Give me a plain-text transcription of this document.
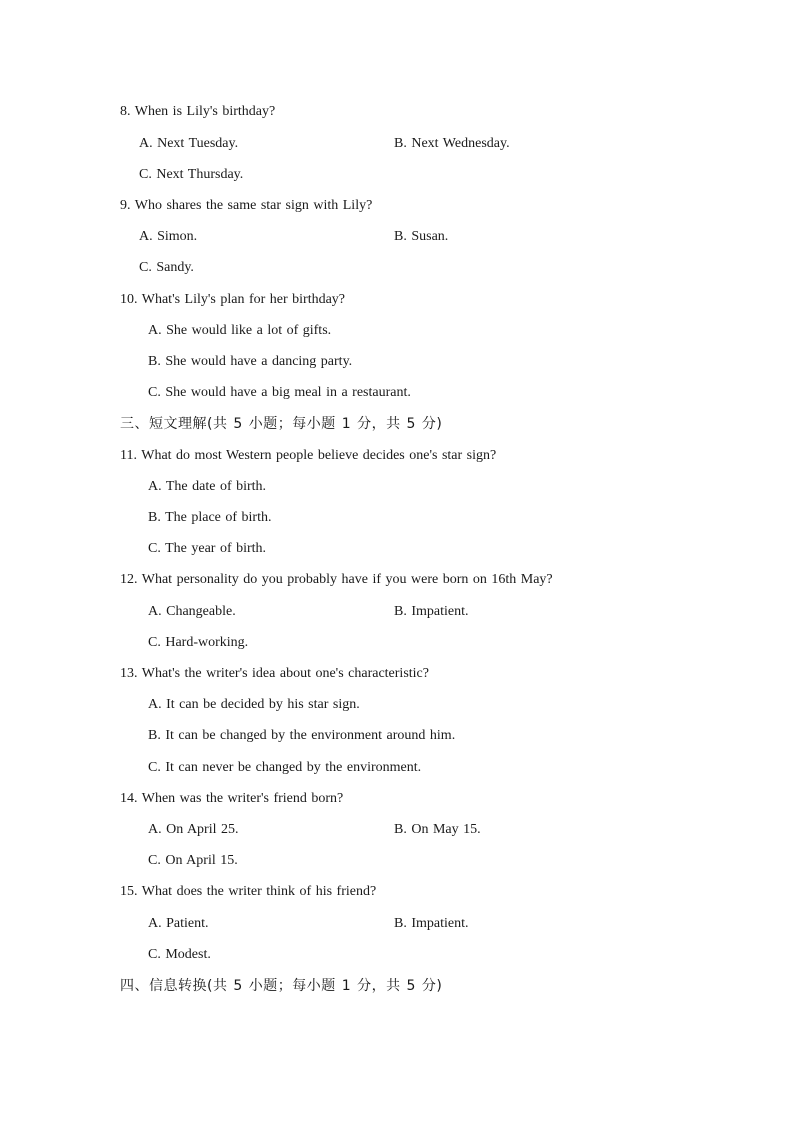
8. When is Lily's birthday?
A. Next Tuesday.	B. Next Wednesday.
C. Next Thursday.
9. Who shares the same star sign with Lily?
A. Simon.	B. Susan.
C. Sandy.
10. What's Lily's plan for her birthday?
A. She would like a lot of gifts.
B. She would have a dancing party.
C. She would have a big meal in a restaurant.
三、短文理解(共 5 小题；每小题 1 分，共 5 分)
11. What do most Western people believe decides one's star sign?
A. The date of birth.
B. The place of birth.
C. The year of birth.
12. What personality do you probably have if you were born on 16th May?
A. Changeable.	B. Impatient.
C. Hard-working.
13. What's the writer's idea about one's characteristic?
A. It can be decided by his star sign.
B. It can be changed by the environment around him.
C. It can never be changed by the environment.
14. When was the writer's friend born?
A. On April 25.	B. On May 15.
C. On April 15.
15. What does the writer think of his friend?
A. Patient.	B. Impatient.
C. Modest.
四、信息转换(共 5 小题；每小题 1 分，共 5 分)
